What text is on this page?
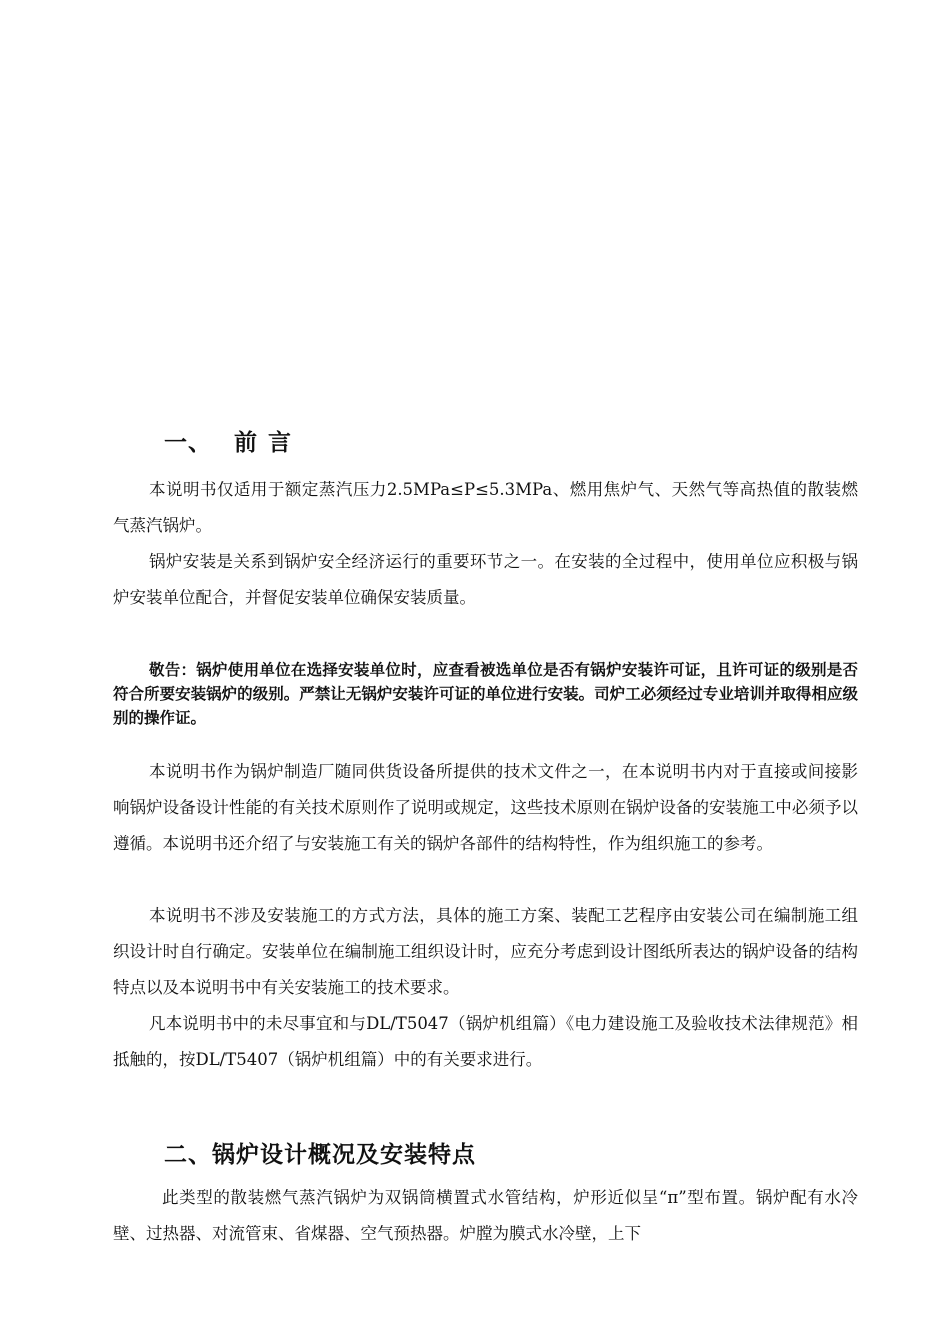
一、 前 言

本说明书仅适用于额定蒸汽压力2.5MPa≤P≤5.3MPa、燃用焦炉气、天然气等高热值的散装燃气蒸汽锅炉。

锅炉安装是关系到锅炉安全经济运行的重要环节之一。在安装的全过程中，使用单位应积极与锅炉安装单位配合，并督促安装单位确保安装质量。

敬告：锅炉使用单位在选择安装单位时，应查看被选单位是否有锅炉安装许可证，且许可证的级别是否符合所要安装锅炉的级别。严禁让无锅炉安装许可证的单位进行安装。司炉工必须经过专业培训并取得相应级别的操作证。

本说明书作为锅炉制造厂随同供货设备所提供的技术文件之一，在本说明书内对于直接或间接影响锅炉设备设计性能的有关技术原则作了说明或规定，这些技术原则在锅炉设备的安装施工中必须予以遵循。本说明书还介绍了与安装施工有关的锅炉各部件的结构特性，作为组织施工的参考。

本说明书不涉及安装施工的方式方法，具体的施工方案、装配工艺程序由安装公司在编制施工组织设计时自行确定。安装单位在编制施工组织设计时，应充分考虑到设计图纸所表达的锅炉设备的结构特点以及本说明书中有关安装施工的技术要求。

凡本说明书中的未尽事宜和与DL/T5047（锅炉机组篇）《电力建设施工及验收技术法律规范》相抵触的，按DL/T5407（锅炉机组篇）中的有关要求进行。

二、锅炉设计概况及安装特点

此类型的散装燃气蒸汽锅炉为双锅筒横置式水管结构，炉形近似呈“π”型布置。锅炉配有水冷壁、过热器、对流管束、省煤器、空气预热器。炉膛为膜式水冷壁，上下
